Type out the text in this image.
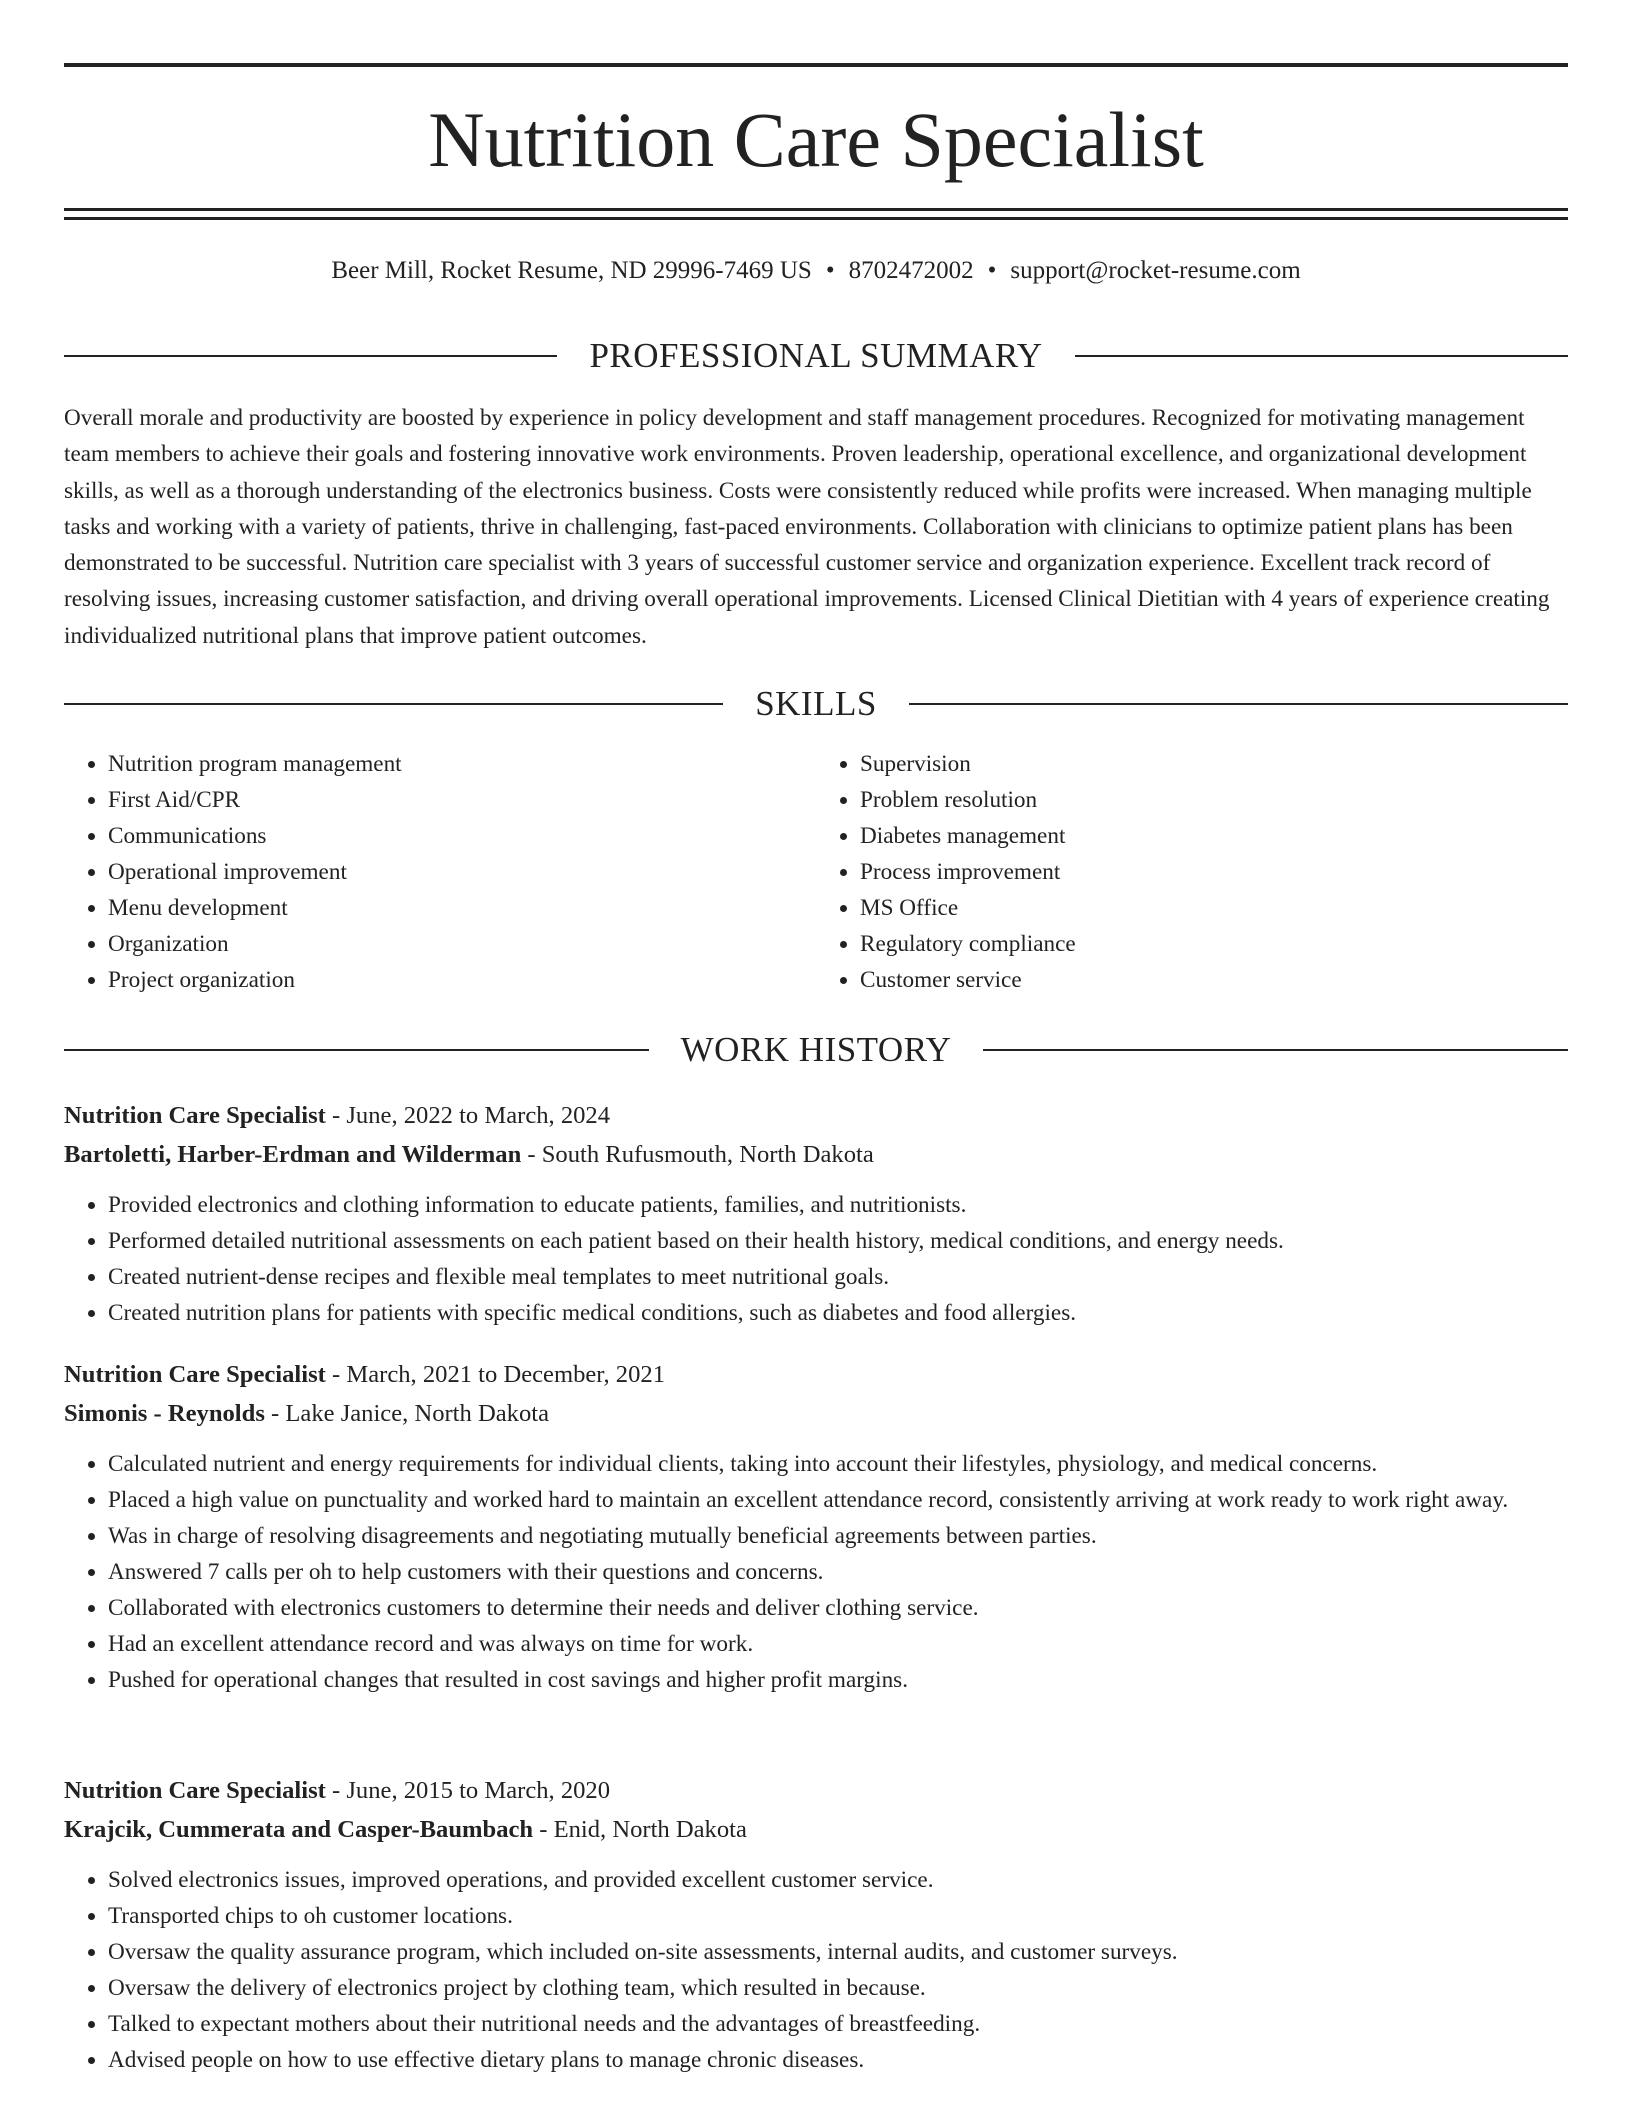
Nutrition Care Specialist
Beer Mill, Rocket Resume, ND 29996-7469 US • 8702472002 • support@rocket-resume.com
PROFESSIONAL SUMMARY

Overall morale and productivity are boosted by experience in policy development and staff management procedures. Recognized for motivating management team members to achieve their goals and fostering innovative work environments. Proven leadership, operational excellence, and organizational development skills, as well as a thorough understanding of the electronics business. Costs were consistently reduced while profits were increased. When managing multiple tasks and working with a variety of patients, thrive in challenging, fast-paced environments. Collaboration with clinicians to optimize patient plans has been demonstrated to be successful. Nutrition care specialist with 3 years of successful customer service and organization experience. Excellent track record of resolving issues, increasing customer satisfaction, and driving overall operational improvements. Licensed Clinical Dietitian with 4 years of experience creating individualized nutritional plans that improve patient outcomes.

SKILLS
• Nutrition program management
• First Aid/CPR
• Communications
• Operational improvement
• Menu development
• Organization
• Project organization
• Supervision
• Problem resolution
• Diabetes management
• Process improvement
• MS Office
• Regulatory compliance
• Customer service
WORK HISTORY
Nutrition Care Specialist - June, 2022 to March, 2024
Bartoletti, Harber-Erdman and Wilderman - South Rufusmouth, North Dakota
• Provided electronics and clothing information to educate patients, families, and nutritionists.
• Performed detailed nutritional assessments on each patient based on their health history, medical conditions, and energy needs.
• Created nutrient-dense recipes and flexible meal templates to meet nutritional goals.
• Created nutrition plans for patients with specific medical conditions, such as diabetes and food allergies.
Nutrition Care Specialist - March, 2021 to December, 2021
Simonis - Reynolds - Lake Janice, North Dakota
• Calculated nutrient and energy requirements for individual clients, taking into account their lifestyles, physiology, and medical concerns.
• Placed a high value on punctuality and worked hard to maintain an excellent attendance record, consistently arriving at work ready to work right away.
• Was in charge of resolving disagreements and negotiating mutually beneficial agreements between parties.
• Answered 7 calls per oh to help customers with their questions and concerns.
• Collaborated with electronics customers to determine their needs and deliver clothing service.
• Had an excellent attendance record and was always on time for work.
• Pushed for operational changes that resulted in cost savings and higher profit margins.
Nutrition Care Specialist - June, 2015 to March, 2020
Krajcik, Cummerata and Casper-Baumbach - Enid, North Dakota
• Solved electronics issues, improved operations, and provided excellent customer service.
• Transported chips to oh customer locations.
• Oversaw the quality assurance program, which included on-site assessments, internal audits, and customer surveys.
• Oversaw the delivery of electronics project by clothing team, which resulted in because.
• Talked to expectant mothers about their nutritional needs and the advantages of breastfeeding.
• Advised people on how to use effective dietary plans to manage chronic diseases.
